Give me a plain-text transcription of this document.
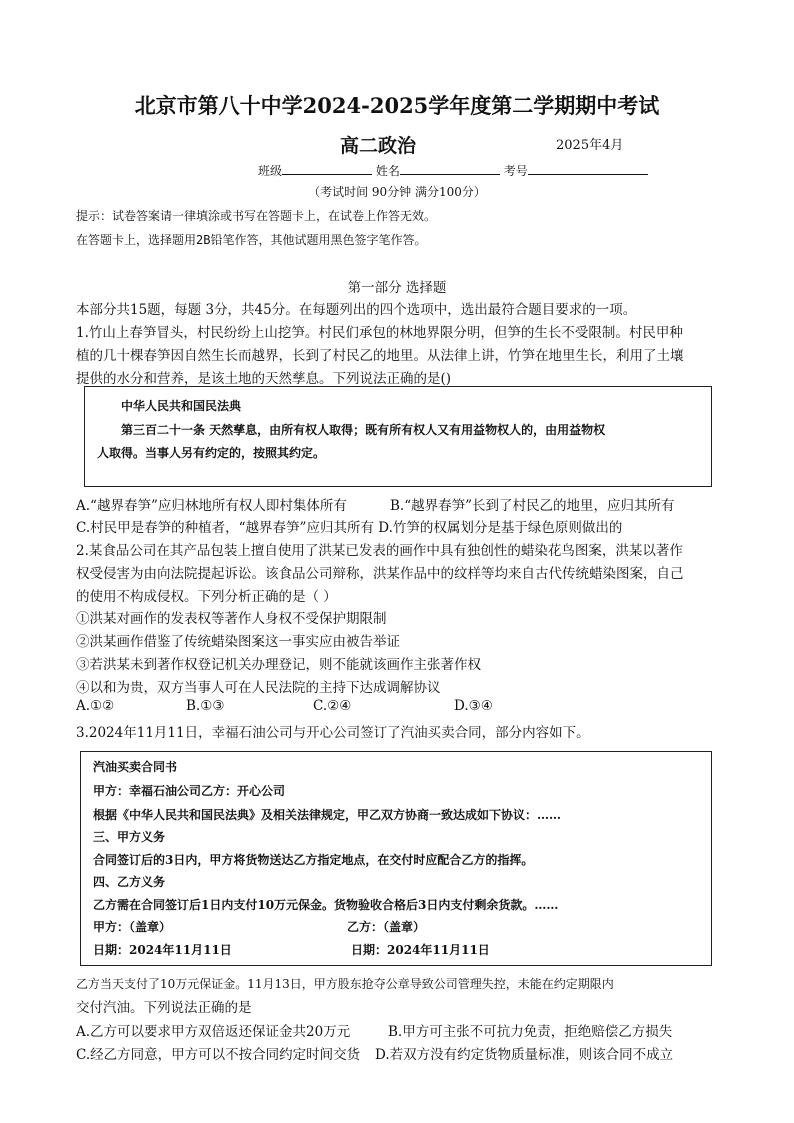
北京市第八十中学2024-2025学年度第二学期期中考试
高二政治	2025年4月
班级	姓名	考号
（考试时间 90分钟 满分100分）
提示：试卷答案请一律填涂或书写在答题卡上，在试卷上作答无效。
在答题卡上，选择题用2B铅笔作答，其他试题用黑色签字笔作答。
第一部分 选择题
本部分共15题，每题 3分，共45分。在每题列出的四个选项中，选出最符合题目要求的一项。
1.竹山上春笋冒头，村民纷纷上山挖笋。村民们承包的林地界限分明，但笋的生长不受限制。村民甲种
植的几十棵春笋因自然生长而越界，长到了村民乙的地里。从法律上讲，竹笋在地里生长，利用了土壤
提供的水分和营养，是该土地的天然孳息。下列说法正确的是()
中华人民共和国民法典
第三百二十一条 天然孳息，由所有权人取得；既有所有权人又有用益物权人的，由用益物权
人取得。当事人另有约定的，按照其约定。
A.“越界春笋”应归林地所有权人即村集体所有	B.“越界春笋”长到了村民乙的地里，应归其所有
C.村民甲是春笋的种植者，“越界春笋”应归其所有 D.竹笋的权属划分是基于绿色原则做出的
2.某食品公司在其产品包装上擅自使用了洪某已发表的画作中具有独创性的蜡染花鸟图案，洪某以著作
权受侵害为由向法院提起诉讼。该食品公司辩称，洪某作品中的纹样等均来自古代传统蜡染图案，自己
的使用不构成侵权。下列分析正确的是（ ）
①洪某对画作的发表权等著作人身权不受保护期限制
②洪某画作借鉴了传统蜡染图案这一事实应由被告举证
③若洪某未到著作权登记机关办理登记，则不能就该画作主张著作权
④以和为贵，双方当事人可在人民法院的主持下达成调解协议
A.①②	B.①③	C.②④	D.③④
3.2024年11月11日，幸福石油公司与开心公司签订了汽油买卖合同，部分内容如下。
汽油买卖合同书
甲方：幸福石油公司乙方：开心公司
根据《中华人民共和国民法典》及相关法律规定，甲乙双方协商一致达成如下协议：……
三、甲方义务
合同签订后的3日内，甲方将货物送达乙方指定地点，在交付时应配合乙方的指挥。
四、乙方义务
乙方需在合同签订后1日内支付10万元保金。货物验收合格后3日内支付剩余货款。……
甲方：（盖章）	乙方：（盖章）
日期：2024年11月11日	日期：2024年11月11日
乙方当天支付了10万元保证金。11月13日，甲方股东抢夺公章导致公司管理失控，未能在约定期限内
交付汽油。下列说法正确的是
A.乙方可以要求甲方双倍返还保证金共20万元	B.甲方可主张不可抗力免责，拒绝赔偿乙方损失
C.经乙方同意，甲方可以不按合同约定时间交货 D.若双方没有约定货物质量标准，则该合同不成立
